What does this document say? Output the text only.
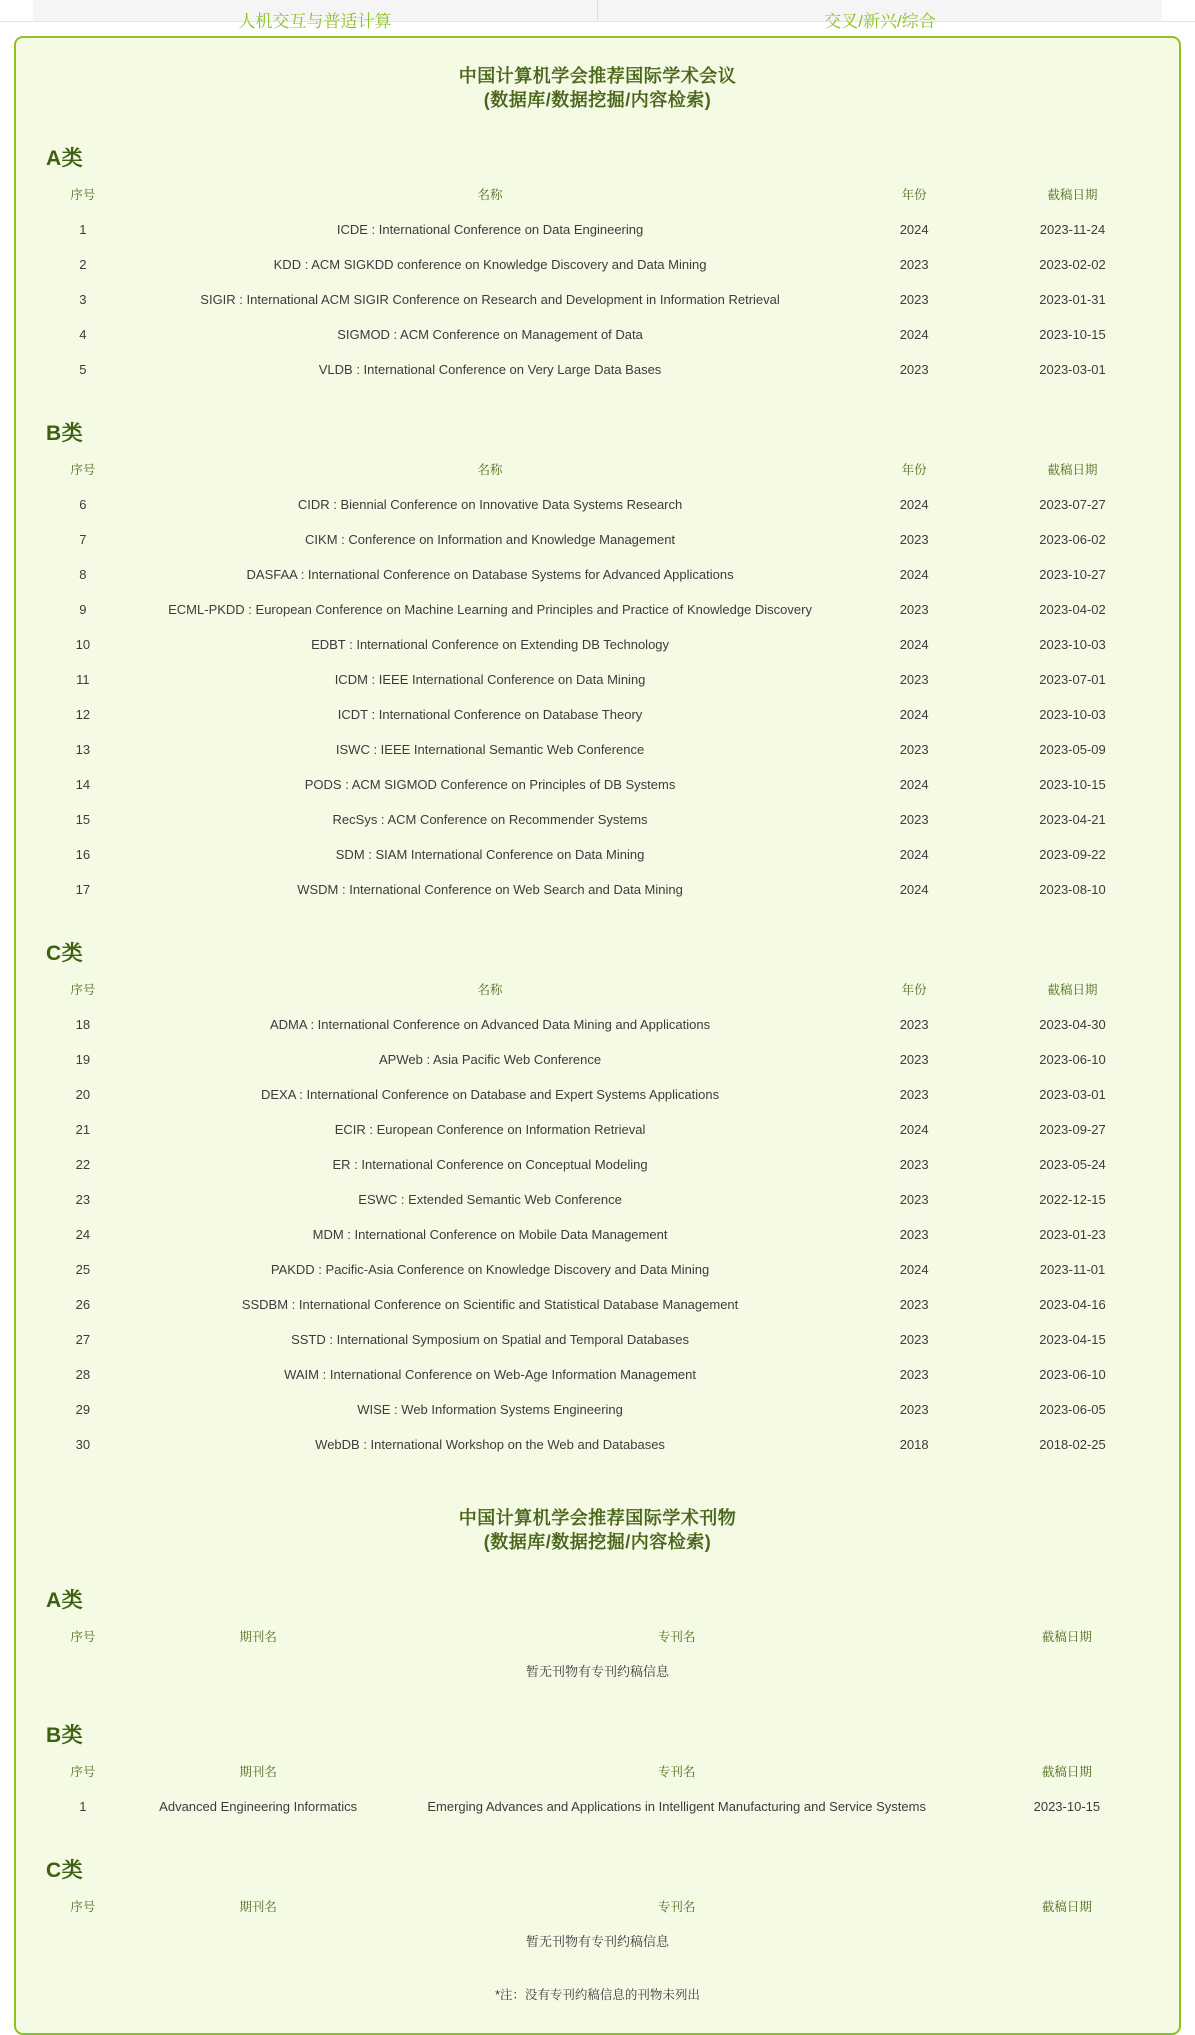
人机交互与普适计算	交叉/新兴/综合
中国计算机学会推荐国际学术会议
(数据库/数据挖掘/内容检索)
A类
序号	名称	年份	截稿日期
1	ICDE : International Conference on Data Engineering	2024	2023-11-24
2	KDD : ACM SIGKDD conference on Knowledge Discovery and Data Mining	2023	2023-02-02
3	SIGIR : International ACM SIGIR Conference on Research and Development in Information Retrieval	2023	2023-01-31
4	SIGMOD : ACM Conference on Management of Data	2024	2023-10-15
5	VLDB : International Conference on Very Large Data Bases	2023	2023-03-01
B类
序号	名称	年份	截稿日期
6	CIDR : Biennial Conference on Innovative Data Systems Research	2024	2023-07-27
7	CIKM : Conference on Information and Knowledge Management	2023	2023-06-02
8	DASFAA : International Conference on Database Systems for Advanced Applications	2024	2023-10-27
9	ECML-PKDD : European Conference on Machine Learning and Principles and Practice of Knowledge Discovery	2023	2023-04-02
10	EDBT : International Conference on Extending DB Technology	2024	2023-10-03
11	ICDM : IEEE International Conference on Data Mining	2023	2023-07-01
12	ICDT : International Conference on Database Theory	2024	2023-10-03
13	ISWC : IEEE International Semantic Web Conference	2023	2023-05-09
14	PODS : ACM SIGMOD Conference on Principles of DB Systems	2024	2023-10-15
15	RecSys : ACM Conference on Recommender Systems	2023	2023-04-21
16	SDM : SIAM International Conference on Data Mining	2024	2023-09-22
17	WSDM : International Conference on Web Search and Data Mining	2024	2023-08-10
C类
序号	名称	年份	截稿日期
18	ADMA : International Conference on Advanced Data Mining and Applications	2023	2023-04-30
19	APWeb : Asia Pacific Web Conference	2023	2023-06-10
20	DEXA : International Conference on Database and Expert Systems Applications	2023	2023-03-01
21	ECIR : European Conference on Information Retrieval	2024	2023-09-27
22	ER : International Conference on Conceptual Modeling	2023	2023-05-24
23	ESWC : Extended Semantic Web Conference	2023	2022-12-15
24	MDM : International Conference on Mobile Data Management	2023	2023-01-23
25	PAKDD : Pacific-Asia Conference on Knowledge Discovery and Data Mining	2024	2023-11-01
26	SSDBM : International Conference on Scientific and Statistical Database Management	2023	2023-04-16
27	SSTD : International Symposium on Spatial and Temporal Databases	2023	2023-04-15
28	WAIM : International Conference on Web-Age Information Management	2023	2023-06-10
29	WISE : Web Information Systems Engineering	2023	2023-06-05
30	WebDB : International Workshop on the Web and Databases	2018	2018-02-25
中国计算机学会推荐国际学术刊物
(数据库/数据挖掘/内容检索)
A类
序号	期刊名	专刊名	截稿日期
暂无刊物有专刊约稿信息
B类
序号	期刊名	专刊名	截稿日期
1	Advanced Engineering Informatics	Emerging Advances and Applications in Intelligent Manufacturing and Service Systems	2023-10-15
C类
序号	期刊名	专刊名	截稿日期
暂无刊物有专刊约稿信息
*注：没有专刊约稿信息的刊物未列出
